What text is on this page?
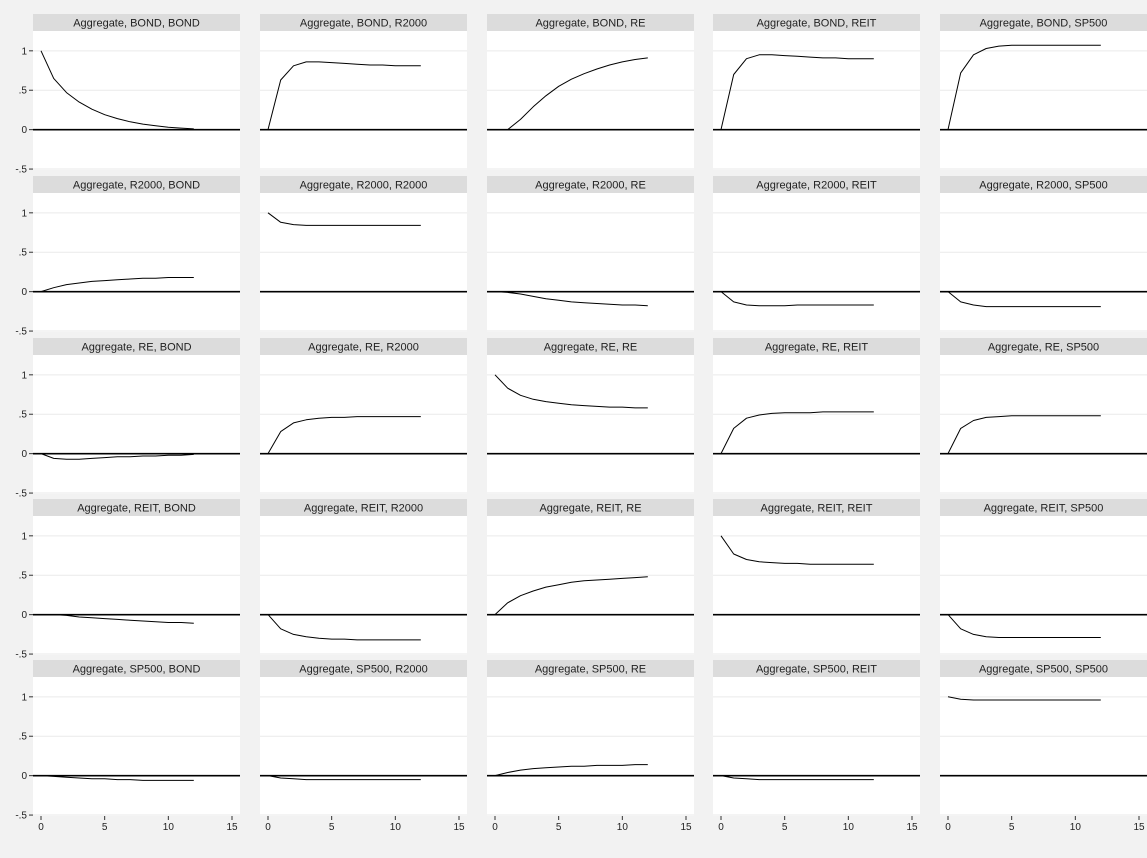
Aggregate, BOND, BOND
1
.5
0
-.5
Aggregate, BOND, R2000	Aggregate, BOND, RE	Aggregate, BOND, REIT	Aggregate, BOND, SP500
Aggregate, R2000, BOND
1
.5
0
-.5
Aggregate, R2000, R2000	Aggregate, R2000, RE	Aggregate, R2000, REIT	Aggregate, R2000, SP500
Aggregate, RE, BOND
1
.5
0
-.5
Aggregate, RE, R2000	Aggregate, RE, RE	Aggregate, RE, REIT	Aggregate, RE, SP500
Aggregate, REIT, BOND
1
.5
0
-.5
Aggregate, REIT, R2000	Aggregate, REIT, RE	Aggregate, REIT, REIT	Aggregate, REIT, SP500
Aggregate, SP500, BOND
1
.5
0
-.5
0	5	10	15
Aggregate, SP500, R2000
0	5	10	15
Aggregate, SP500, RE
0	5	10	15
Aggregate, SP500, REIT
0	5	10	15
Aggregate, SP500, SP500
0	5	10	15
